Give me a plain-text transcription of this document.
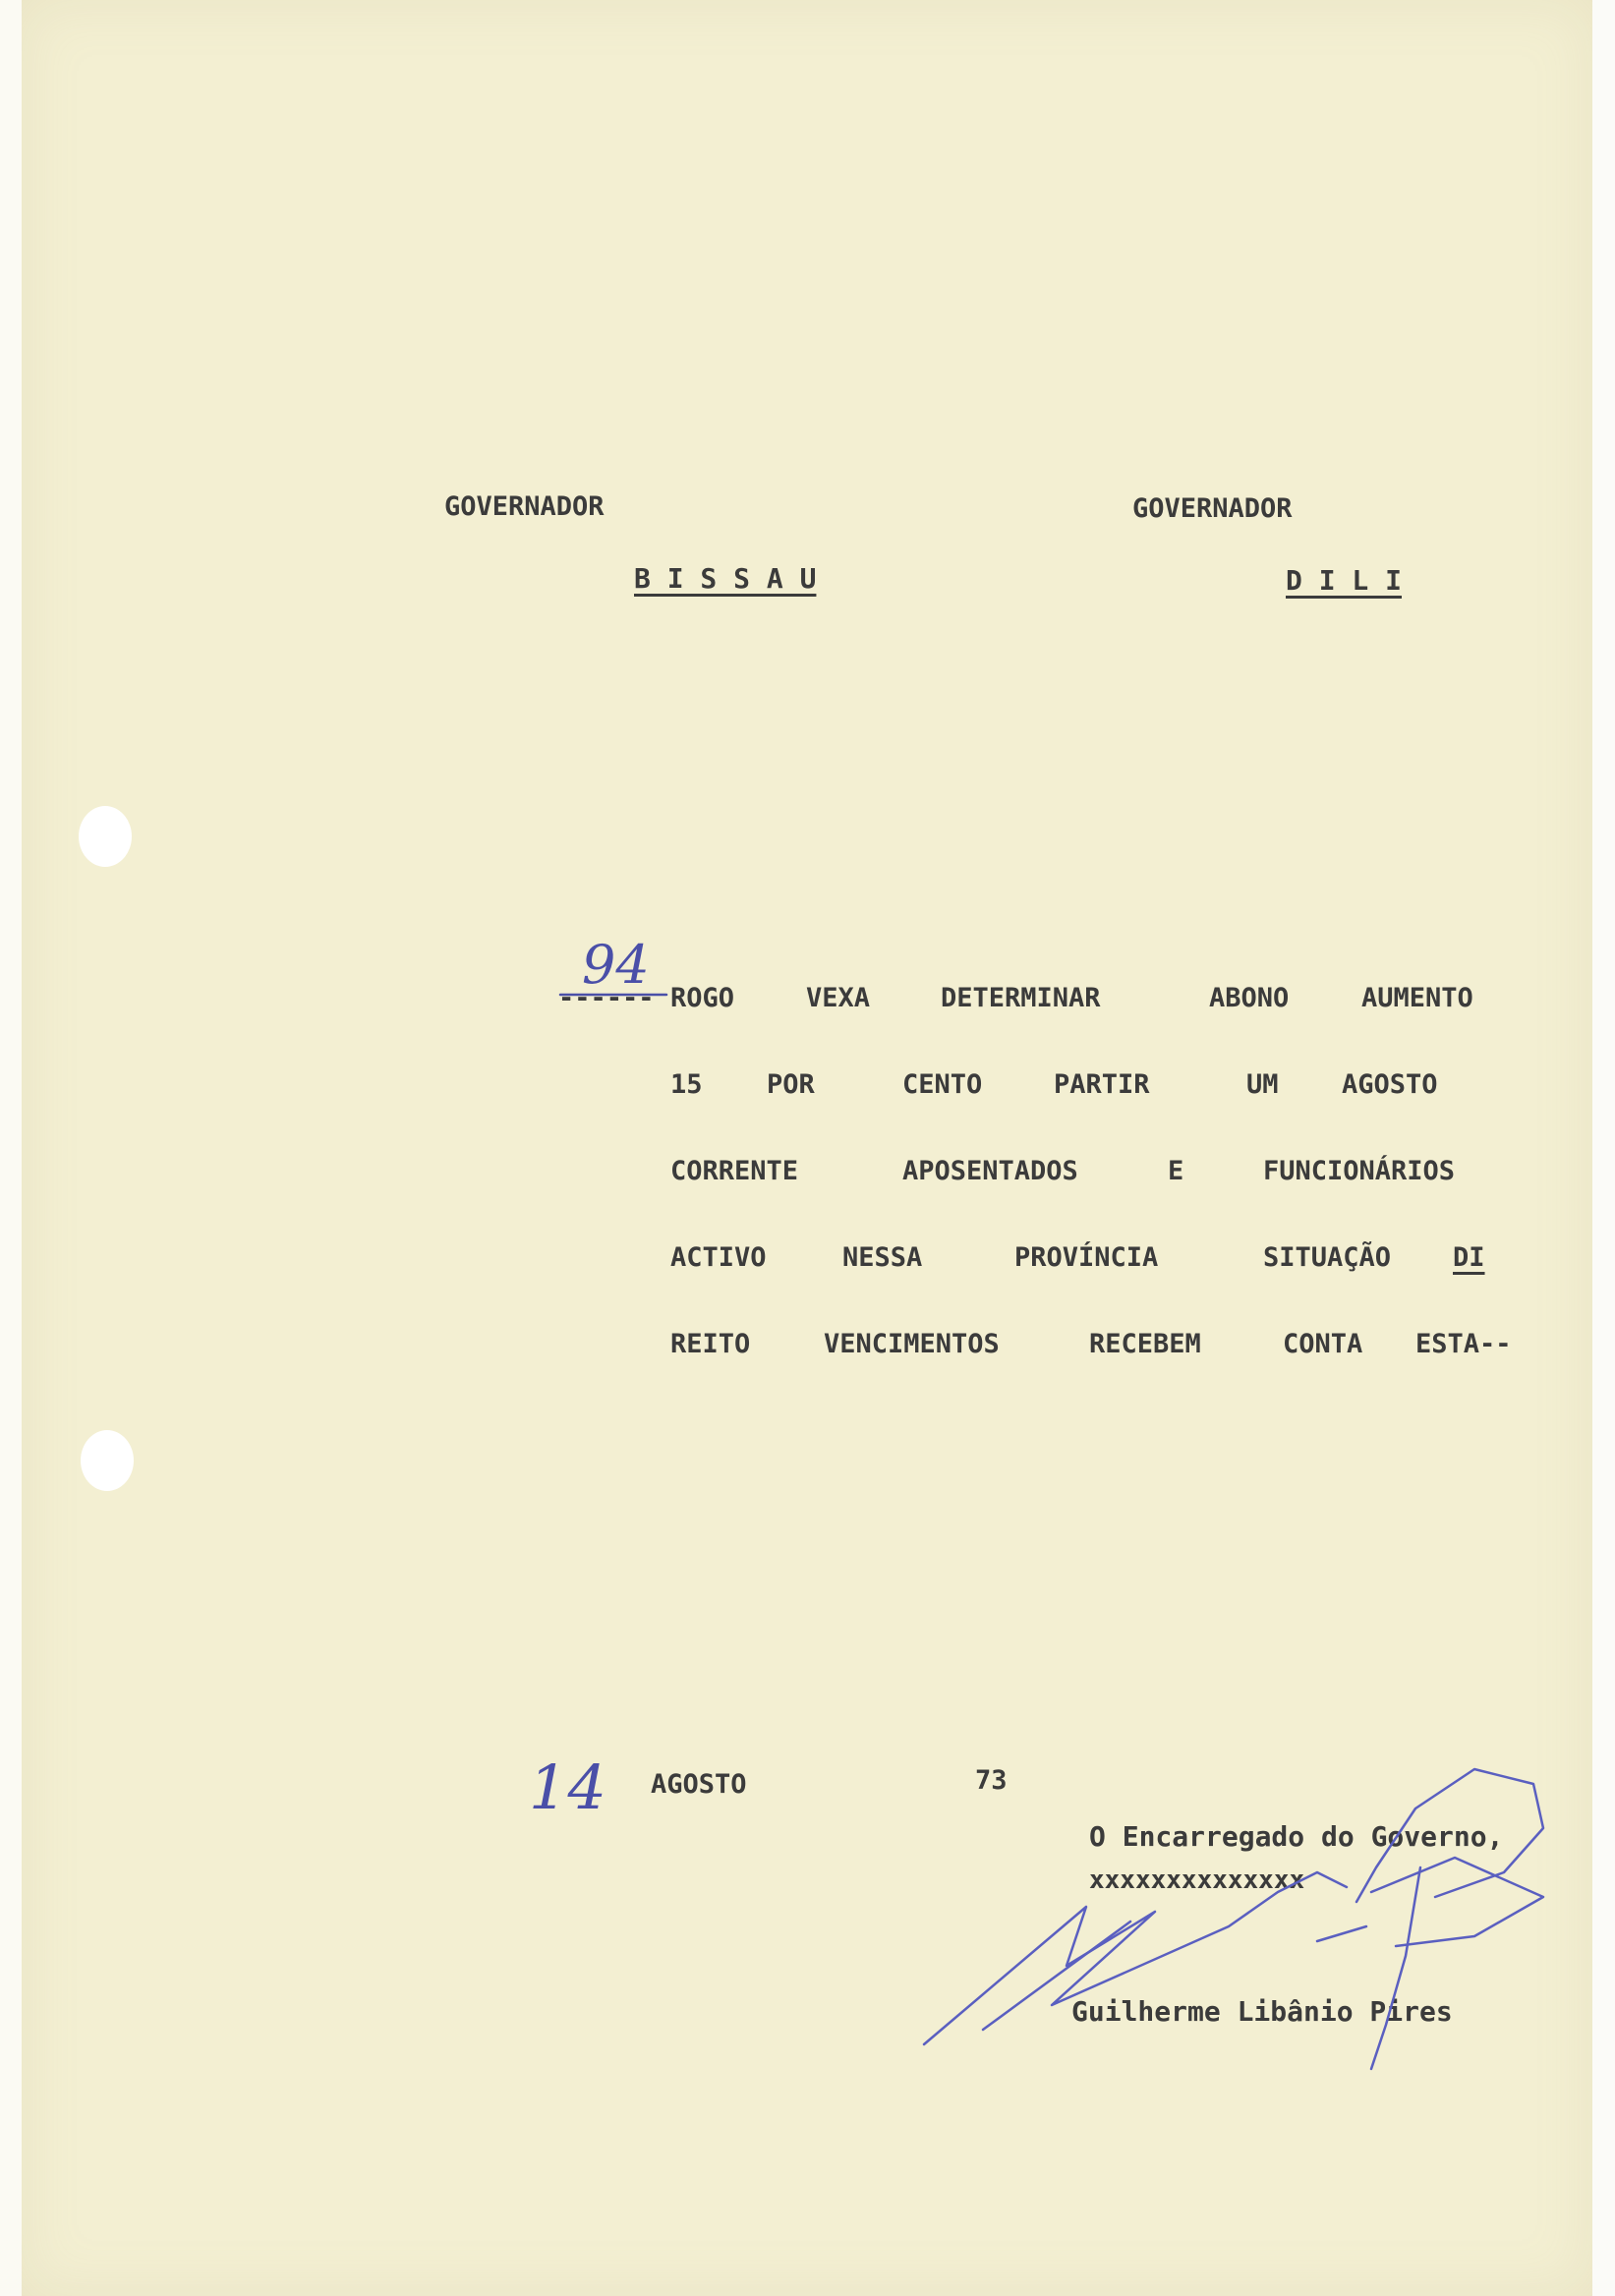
GOVERNADOR
B I S S A U
GOVERNADOR
D I L I
94
------ ROGO	VEXA	DETERMINAR	ABONO	AUMENTO
15 POR	CENTO	PARTIR	UM AGOSTO
CORRENTE	APOSENTADOS	E	FUNCIONÁRIOS
ACTIVO	NESSA	PROVÍNCIA	SITUAÇÃO DI
REITO	VENCIMENTOS	RECEBEM	CONTA ESTA--
14 AGOSTO	73
O Encarregado do Governo,
xxxxxxxxxxxxxx
Guilherme Libânio Pires
